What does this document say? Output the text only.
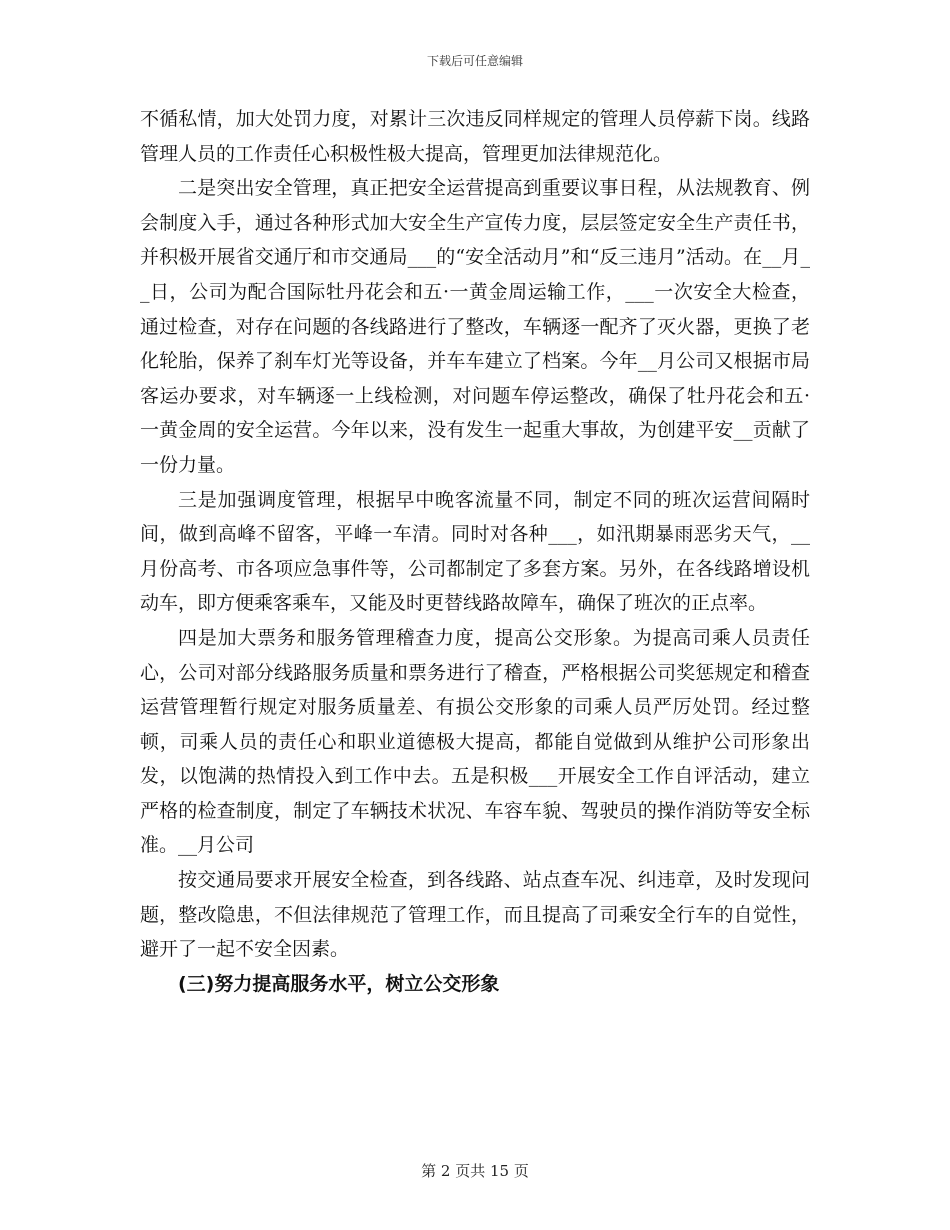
下载后可任意编辑

不循私情，加大处罚力度，对累计三次违反同样规定的管理人员停薪下岗。线路管理人员的工作责任心积极性极大提高，管理更加法律规范化。

二是突出安全管理，真正把安全运营提高到重要议事日程，从法规教育、例会制度入手，通过各种形式加大安全生产宣传力度，层层签定安全生产责任书，并积极开展省交通厅和市交通局___的“安全活动月”和“反三违月”活动。在__月__日，公司为配合国际牡丹花会和五·一黄金周运输工作，___一次安全大检查，通过检查，对存在问题的各线路进行了整改，车辆逐一配齐了灭火器，更换了老化轮胎，保养了刹车灯光等设备，并车车建立了档案。今年__月公司又根据市局客运办要求，对车辆逐一上线检测，对问题车停运整改，确保了牡丹花会和五·一黄金周的安全运营。今年以来，没有发生一起重大事故，为创建平安__贡献了一份力量。

三是加强调度管理，根据早中晚客流量不同，制定不同的班次运营间隔时间，做到高峰不留客，平峰一车清。同时对各种___，如汛期暴雨恶劣天气，__月份高考、市各项应急事件等，公司都制定了多套方案。另外，在各线路增设机动车，即方便乘客乘车，又能及时更替线路故障车，确保了班次的正点率。

四是加大票务和服务管理稽查力度，提高公交形象。为提高司乘人员责任心，公司对部分线路服务质量和票务进行了稽查，严格根据公司奖惩规定和稽查运营管理暂行规定对服务质量差、有损公交形象的司乘人员严厉处罚。经过整顿，司乘人员的责任心和职业道德极大提高，都能自觉做到从维护公司形象出发，以饱满的热情投入到工作中去。五是积极___开展安全工作自评活动，建立严格的检查制度，制定了车辆技术状况、车容车貌、驾驶员的操作消防等安全标准。__月公司

按交通局要求开展安全检查，到各线路、站点查车况、纠违章，及时发现问题，整改隐患，不但法律规范了管理工作，而且提高了司乘安全行车的自觉性，避开了一起不安全因素。

(三)努力提高服务水平，树立公交形象

第 2 页共 15 页
